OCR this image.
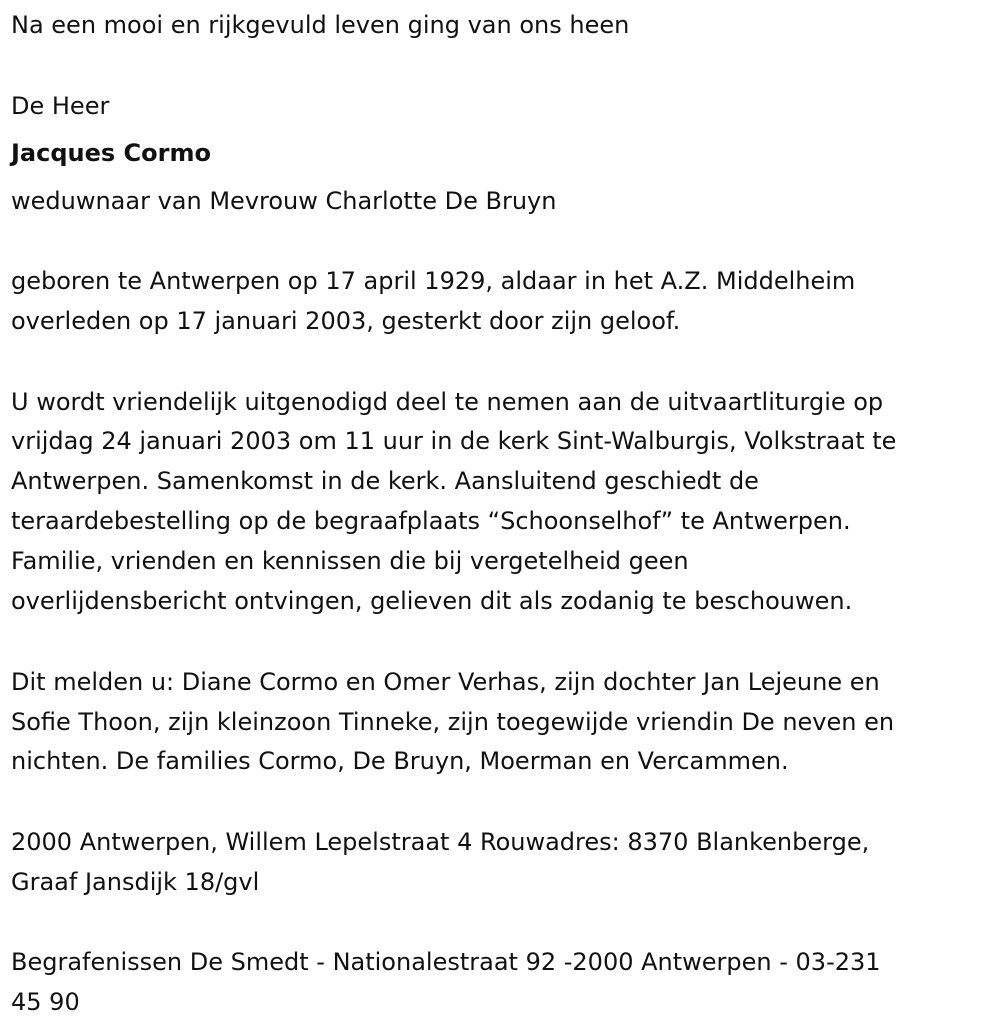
Na een mooi en rijkgevuld leven ging van ons heen

De Heer

Jacques Cormo

weduwnaar van Mevrouw Charlotte De Bruyn

geboren te Antwerpen op 17 april 1929, aldaar in het A.Z. Middelheim

overleden op 17 januari 2003, gesterkt door zijn geloof.

U wordt vriendelijk uitgenodigd deel te nemen aan de uitvaartliturgie op

vrijdag 24 januari 2003 om 11 uur in de kerk Sint-Walburgis, Volkstraat te

Antwerpen. Samenkomst in de kerk. Aansluitend geschiedt de

teraardebestelling op de begraafplaats “Schoonselhof” te Antwerpen.

Familie, vrienden en kennissen die bij vergetelheid geen

overlijdensbericht ontvingen, gelieven dit als zodanig te beschouwen.

Dit melden u: Diane Cormo en Omer Verhas, zijn dochter Jan Lejeune en

Sofie Thoon, zijn kleinzoon Tinneke, zijn toegewijde vriendin De neven en

nichten. De families Cormo, De Bruyn, Moerman en Vercammen.

2000 Antwerpen, Willem Lepelstraat 4 Rouwadres: 8370 Blankenberge,

Graaf Jansdijk 18/gvl

Begrafenissen De Smedt - Nationalestraat 92 -2000 Antwerpen - 03-231

45 90
